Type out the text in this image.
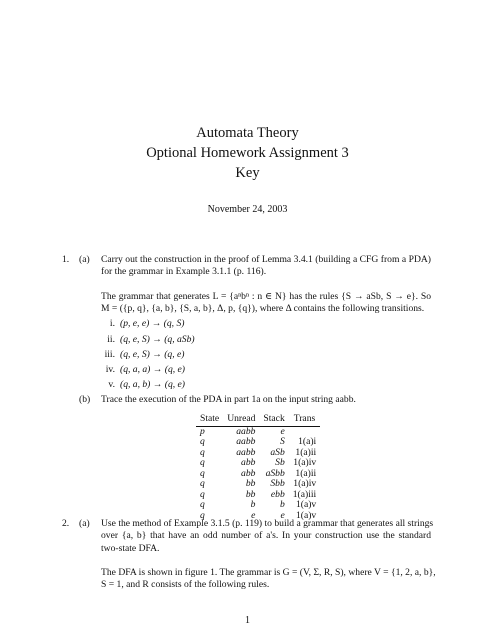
Automata Theory
Optional Homework Assignment 3
Key
November 24, 2003
1. (a) Carry out the construction in the proof of Lemma 3.4.1 (building a CFG from a PDA)
for the grammar in Example 3.1.1 (p. 116).
The grammar that generates L = {aⁿbⁿ : n ∈ N} has the rules {S → aSb, S → e}. So
M = ({p, q}, {a, b}, {S, a, b}, Δ, p, {q}), where Δ contains the following transitions.
i. (p, e, e) → (q, S)
ii. (q, e, S) → (q, aSb)
iii. (q, e, S) → (q, e)
iv. (q, a, a) → (q, e)
v. (q, a, b) → (q, e)
(b) Trace the execution of the PDA in part 1a on the input string aabb.
State	Unread	Stack	Trans
p	aabb	e	
q	aabb	S	1(a)i
q	aabb	aSb	1(a)ii
q	abb	Sb	1(a)iv
q	abb	aSbb	1(a)ii
q	bb	Sbb	1(a)iv
q	bb	ebb	1(a)iii
q	b	b	1(a)v
q	e	e	1(a)v
2. (a) Use the method of Example 3.1.5 (p. 119) to build a grammar that generates all strings
over {a, b} that have an odd number of a's. In your construction use the standard
two-state DFA.
The DFA is shown in figure 1. The grammar is G = (V, Σ, R, S), where V = {1, 2, a, b},
S = 1, and R consists of the following rules.
1
